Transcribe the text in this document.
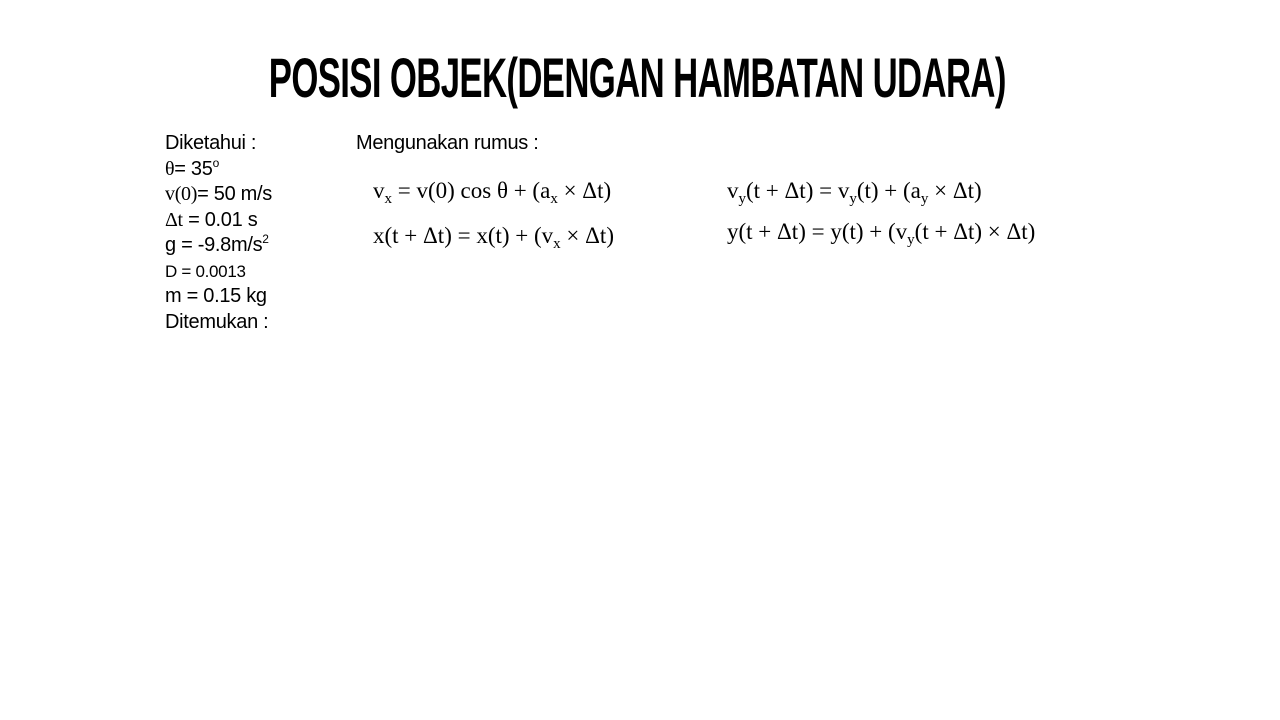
POSISI OBJEK(DENGAN HAMBATAN UDARA)
Diketahui :
$\theta= 35^o$
v(0)= 50 m/s
Δt = 0.01 s
$g = -9.8m/s^2$
D = 0.0013
m = 0.15 kg
Ditemukan :
Mengunakan rumus :
$v_x = v(0)$ $\cos \theta + (a_x \times \Delta t)$
$x(t + \Delta t) = x(t) + (v_x \times \Delta t)$
$v_y(t + \Delta t) = v_y(t) + (a_y \times \Delta t)$
$y(t + \Delta t) = y(t) + (v_y(t + \Delta t) \times \Delta t)$
